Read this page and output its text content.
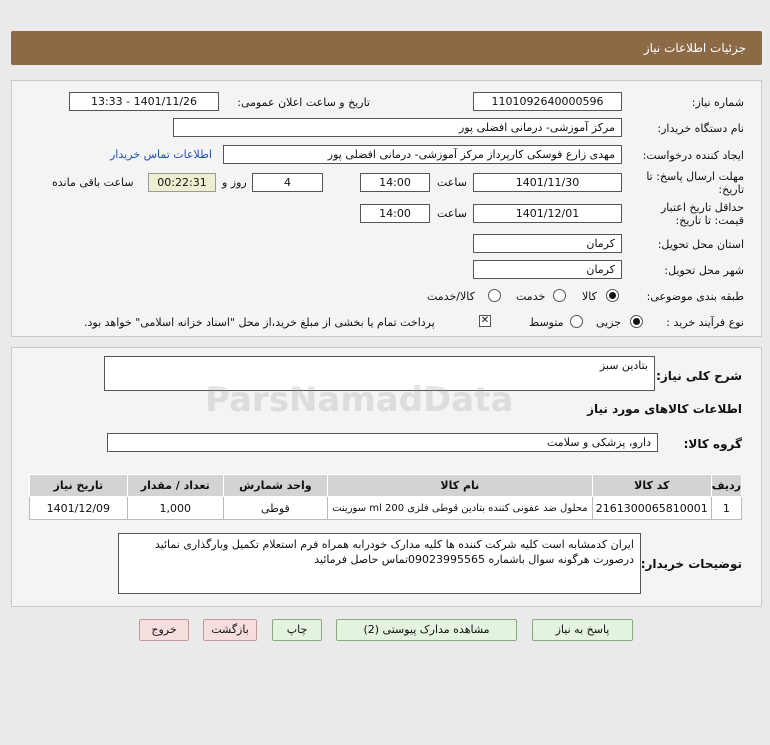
جزئیات اطلاعات نیاز
شماره نیاز:
1101092640000596
تاریخ و ساعت اعلان عمومی:
1401/11/26 - 13:33
نام دستگاه خریدار:
مرکز آموزشی- درمانی افضلی پور
ایجاد کننده درخواست:
مهدی زارع فوسکی کارپرداز مرکز آموزشی- درمانی افضلی پور
اطلاعات تماس خریدار
مهلت ارسال پاسخ: تا
تاریخ:
1401/11/30
ساعت
14:00
4
روز و
00:22:31
ساعت باقی مانده
حداقل تاریخ اعتبار
قیمت: تا تاریخ:
1401/12/01
ساعت
14:00
استان محل تحویل:
کرمان
شهر محل تحویل:
کرمان
طبقه بندی موضوعی:
کالا
خدمت
کالا/خدمت
نوع فرآیند خرید :
جزیی
متوسط
✕
پرداخت تمام یا بخشی از مبلغ خرید،از محل "اسناد خزانه اسلامی" خواهد بود.
شرح کلی نیاز:
بتادین سبز
اطلاعات کالاهای مورد نیاز
گروه کالا:
دارو، پزشکی و سلامت
ردیف	کد کالا	نام کالا	واحد شمارش	تعداد / مقدار	تاریخ نیاز
1	2161300065810001	محلول ضد عفونی کننده بتادین قوطی فلزی 200 ml سورینت	قوطی	1,000	1401/12/09
توضیحات خریدار:
ایران کدمشابه است کلیه شرکت کننده ها کلیه مدارک خودرابه همراه فرم استعلام تکمیل وبارگذاری نمائید درصورت هرگونه سوال باشماره 09023995565تماس حاصل فرمائید
پاسخ به نیاز
مشاهده مدارک پیوستی (2)
چاپ
بازگشت
خروج
ParsNamadData
